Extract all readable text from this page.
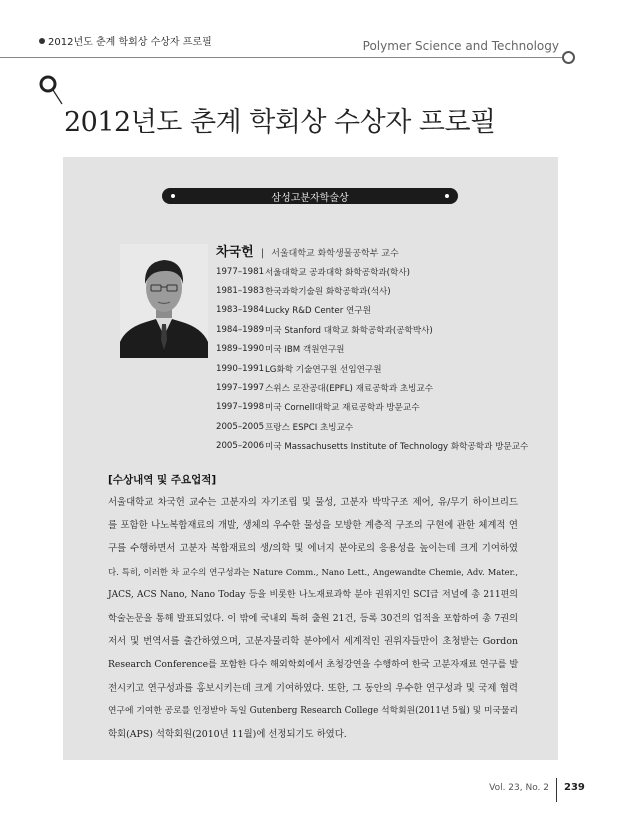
2012년도 춘계 학회상 수상자 프로필	Polymer Science and Technology
2012년도 춘계 학회상 수상자 프로필
삼성고분자학술상
차국헌 | 서울대학교 화학생물공학부 교수
1977–1981 서울대학교 공과대학 화학공학과(학사)
1981–1983 한국과학기술원 화학공학과(석사)
1983–1984 Lucky R&D Center 연구원
1984–1989 미국 Stanford 대학교 화학공학과(공학박사)
1989–1990 미국 IBM 객원연구원
1990–1991 LG화학 기술연구원 선임연구원
1997–1997 스위스 로잔공대(EPFL) 재료공학과 초빙교수
1997–1998 미국 Cornell대학교 재료공학과 방문교수
2005–2005 프랑스 ESPCI 초빙교수
2005–2006 미국 Massachusetts Institute of Technology 화학공학과 방문교수
[수상내역 및 주요업적]
서울대학교 차국헌 교수는 고분자의 자기조립 및 물성, 고분자 박막구조 제어, 유/무기 하이브리드
를 포함한 나노복합재료의 개발, 생체의 우수한 물성을 모방한 계층적 구조의 구현에 관한 체계적 연
구를 수행하면서 고분자 복합재료의 생/의학 및 에너지 분야로의 응용성을 높이는데 크게 기여하였
다. 특히, 이러한 차 교수의 연구성과는 Nature Comm., Nano Lett., Angewandte Chemie, Adv. Mater.,
JACS, ACS Nano, Nano Today 등을 비롯한 나노재료과학 분야 권위지인 SCI급 저널에 총 211편의
학술논문을 통해 발표되었다. 이 밖에 국내외 특허 출원 21건, 등록 30건의 업적을 포함하여 총 7권의
저서 및 번역서를 출간하였으며, 고분자물리학 분야에서 세계적인 권위자들만이 초청받는 Gordon
Research Conference를 포함한 다수 해외학회에서 초청강연을 수행하여 한국 고분자재료 연구를 발
전시키고 연구성과를 홍보시키는데 크게 기여하였다. 또한, 그 동안의 우수한 연구성과 및 국제 협력
연구에 기여한 공로를 인정받아 독일 Gutenberg Research College 석학회원(2011년 5월) 및 미국물리
학회(APS) 석학회원(2010년 11월)에 선정되기도 하였다.
Vol. 23, No. 2 239
